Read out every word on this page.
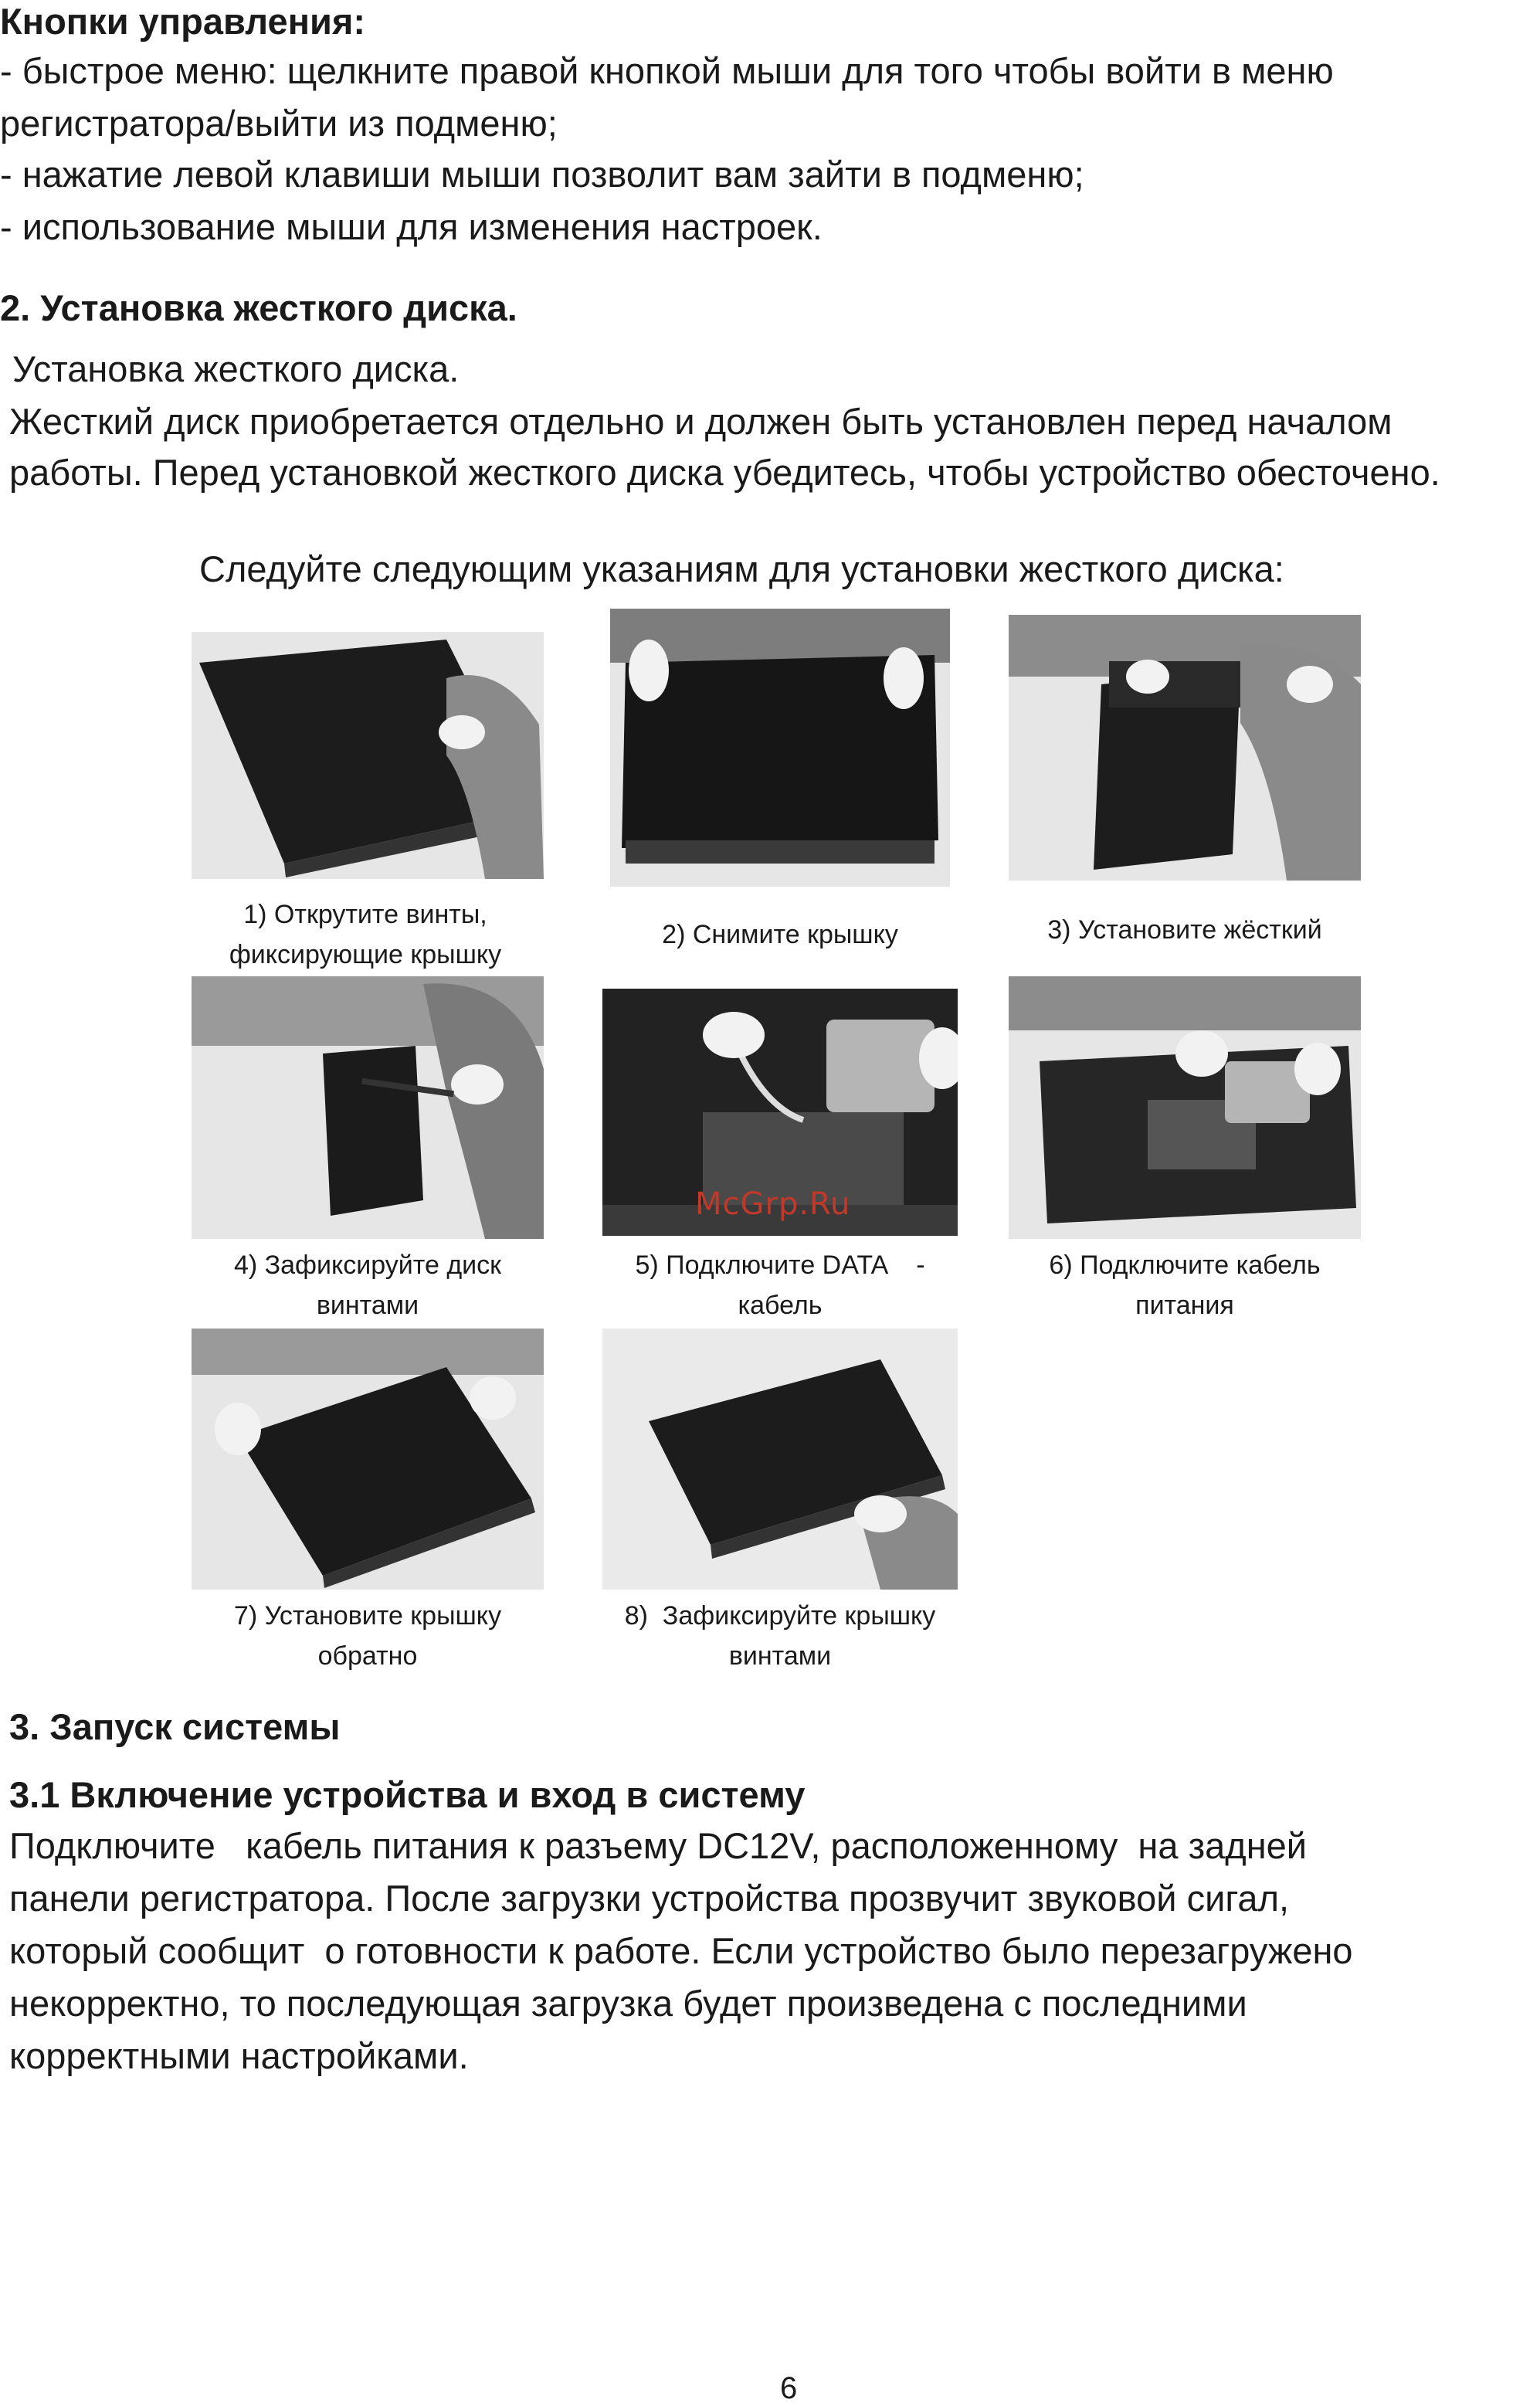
Кнопки управления:
- быстрое меню: щелкните правой кнопкой мыши для того чтобы войти в меню
регистратора/выйти из подменю;
- нажатие левой клавиши мыши позволит вам зайти в подменю;
- использование мыши для изменения настроек.
2. Установка жесткого диска.
Установка жесткого диска.
Жесткий диск приобретается отдельно и должен быть установлен перед началом
работы. Перед установкой жесткого диска убедитесь, чтобы устройство обесточено.
Следуйте следующим указаниям для установки жесткого диска:
1) Открутите винты,
фиксирующие крышку
2) Снимите крышку	3) Установите жёсткий
McGrp.Ru
4) Зафиксируйте диск
винтами
5) Подключите DATA    -
кабель
6) Подключите кабель
питания
7) Установите крышку
обратно
8)  Зафиксируйте крышку
винтами
3. Запуск системы
3.1 Включение устройства и вход в систему
Подключите   кабель питания к разъему DC12V, расположенному  на задней
панели регистратора. После загрузки устройства прозвучит звуковой сигал,
который сообщит  о готовности к работе. Если устройство было перезагружено
некорректно, то последующая загрузка будет произведена с последними
корректными настройками.
6
